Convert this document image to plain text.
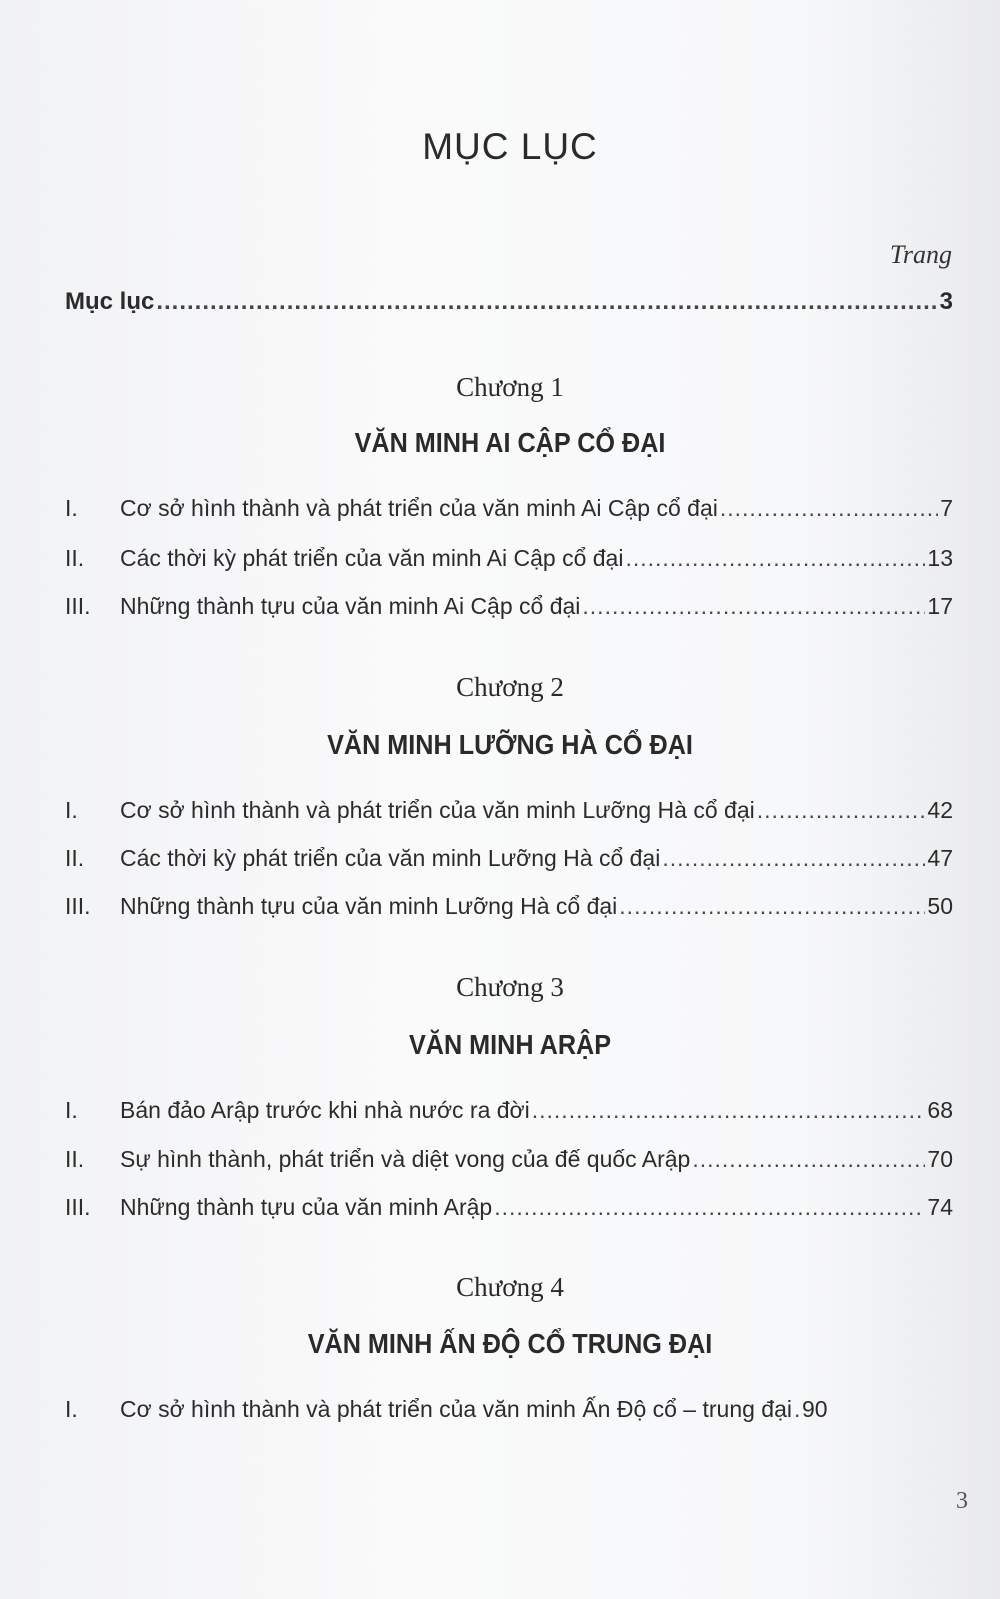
MỤC LỤC
Trang
Mục lục .....	3
Chương 1
VĂN MINH AI CẬP CỔ ĐẠI
I.	Cơ sở hình thành và phát triển của văn minh Ai Cập cổ đại .....	7
II.	Các thời kỳ phát triển của văn minh Ai Cập cổ đại .....	13
III.	Những thành tựu của văn minh Ai Cập cổ đại .....	17
Chương 2
VĂN MINH LƯỠNG HÀ CỔ ĐẠI
I.	Cơ sở hình thành và phát triển của văn minh Lưỡng Hà cổ đại .....	42
II.	Các thời kỳ phát triển của văn minh Lưỡng Hà cổ đại .....	47
III.	Những thành tựu của văn minh Lưỡng Hà cổ đại .....	50
Chương 3
VĂN MINH ARẬP
I.	Bán đảo Arập trước khi nhà nước ra đời .....	68
II.	Sự hình thành, phát triển và diệt vong của đế quốc Arập .....	70
III.	Những thành tựu của văn minh Arập .....	74
Chương 4
VĂN MINH ẤN ĐỘ CỔ TRUNG ĐẠI
I.	Cơ sở hình thành và phát triển của văn minh Ấn Độ cổ – trung đại ..... 90
3
